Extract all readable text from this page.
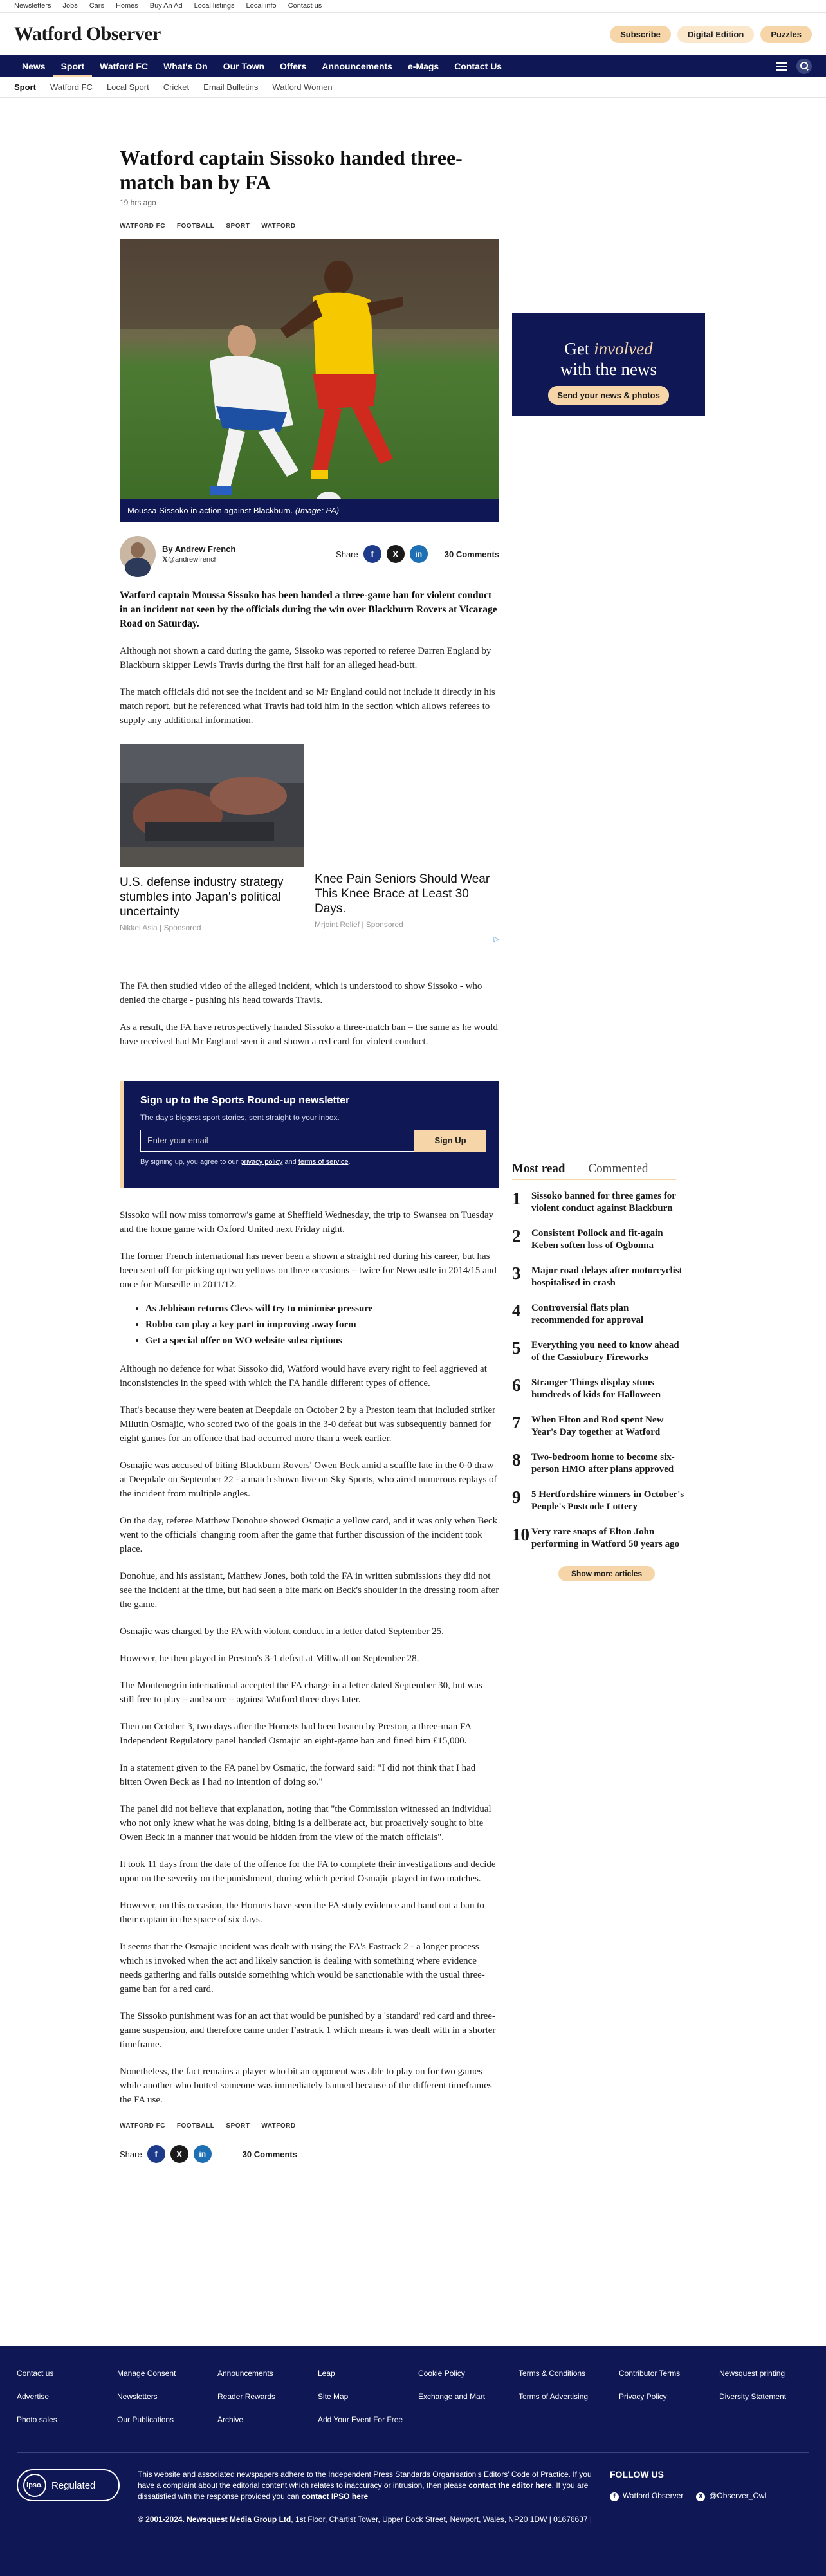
Newsletters Jobs Cars Homes Buy An Ad Local listings Local info Contact us
Watford Observer	Subscribe	Digital Edition	Puzzles
News	Sport	Watford FC	What's On	Our Town	Offers	Announcements	e-Mags	Contact Us
Sport Watford FC Local Sport Cricket Email Bulletins Watford Women
Watford captain Sissoko handed three-match ban by FA
19 hrs ago
WATFORD FC FOOTBALL SPORT WATFORD
Moussa Sissoko in action against Blackburn. (Image: PA)
By Andrew French
𝕏@andrewfrench
Share	f	X	in	30 Comments

Watford captain Moussa Sissoko has been handed a three-game ban for violent conduct in an incident not seen by the officials during the win over Blackburn Rovers at Vicarage Road on Saturday.

Although not shown a card during the game, Sissoko was reported to referee Darren England by Blackburn skipper Lewis Travis during the first half for an alleged head-butt.

The match officials did not see the incident and so Mr England could not include it directly in his match report, but he referenced what Travis had told him in the section which allows referees to supply any additional information.

U.S. defense industry strategy stumbles into Japan's political uncertainty
Nikkei Asia | Sponsored
Knee Pain Seniors Should Wear This Knee Brace at Least 30 Days.
Mrjoint Relief | Sponsored
▷

The FA then studied video of the alleged incident, which is understood to show Sissoko - who denied the charge - pushing his head towards Travis.

As a result, the FA have retrospectively handed Sissoko a three-match ban – the same as he would have received had Mr England seen it and shown a red card for violent conduct.

Sign up to the Sports Round-up newsletter
The day's biggest sport stories, sent straight to your inbox.
Enter your email	Sign Up
By signing up, you agree to our privacy policy and terms of service.

Sissoko will now miss tomorrow's game at Sheffield Wednesday, the trip to Swansea on Tuesday and the home game with Oxford United next Friday night.

The former French international has never been a shown a straight red during his career, but has been sent off for picking up two yellows on three occasions – twice for Newcastle in 2014/15 and once for Marseille in 2011/12.

• As Jebbison returns Clevs will try to minimise pressure
• Robbo can play a key part in improving away form
• Get a special offer on WO website subscriptions

Although no defence for what Sissoko did, Watford would have every right to feel aggrieved at inconsistencies in the speed with which the FA handle different types of offence.

That's because they were beaten at Deepdale on October 2 by a Preston team that included striker Milutin Osmajic, who scored two of the goals in the 3-0 defeat but was subsequently banned for eight games for an offence that had occurred more than a week earlier.

Osmajic was accused of biting Blackburn Rovers' Owen Beck amid a scuffle late in the 0-0 draw at Deepdale on September 22 - a match shown live on Sky Sports, who aired numerous replays of the incident from multiple angles.

On the day, referee Matthew Donohue showed Osmajic a yellow card, and it was only when Beck went to the officials' changing room after the game that further discussion of the incident took place.

Donohue, and his assistant, Matthew Jones, both told the FA in written submissions they did not see the incident at the time, but had seen a bite mark on Beck's shoulder in the dressing room after the game.

Osmajic was charged by the FA with violent conduct in a letter dated September 25.

However, he then played in Preston's 3-1 defeat at Millwall on September 28.

The Montenegrin international accepted the FA charge in a letter dated September 30, but was still free to play – and score – against Watford three days later.

Then on October 3, two days after the Hornets had been beaten by Preston, a three-man FA Independent Regulatory panel handed Osmajic an eight-game ban and fined him £15,000.

In a statement given to the FA panel by Osmajic, the forward said: "I did not think that I had bitten Owen Beck as I had no intention of doing so."

The panel did not believe that explanation, noting that "the Commission witnessed an individual who not only knew what he was doing, biting is a deliberate act, but proactively sought to bite Owen Beck in a manner that would be hidden from the view of the match officials".

It took 11 days from the date of the offence for the FA to complete their investigations and decide upon on the severity on the punishment, during which period Osmajic played in two matches.

However, on this occasion, the Hornets have seen the FA study evidence and hand out a ban to their captain in the space of six days.

It seems that the Osmajic incident was dealt with using the FA's Fastrack 2 - a longer process which is invoked when the act and likely sanction is dealing with something where evidence needs gathering and falls outside something which would be sanctionable with the usual three-game ban for a red card.

The Sissoko punishment was for an act that would be punished by a 'standard' red card and three-game suspension, and therefore came under Fastrack 1 which means it was dealt with in a shorter timeframe.

Nonetheless, the fact remains a player who bit an opponent was able to play on for two games while another who butted someone was immediately banned because of the different timeframes the FA use.

WATFORD FC FOOTBALL SPORT WATFORD
Share	f	X	in	30 Comments
Get involved
with the news
Send your news & photos
Most read Commented
1	Sissoko banned for three games for violent conduct against Blackburn
2	Consistent Pollock and fit-again Keben soften loss of Ogbonna
3	Major road delays after motorcyclist hospitalised in crash
4	Controversial flats plan recommended for approval
5	Everything you need to know ahead of the Cassiobury Fireworks
6	Stranger Things display stuns hundreds of kids for Halloween
7	When Elton and Rod spent New Year's Day together at Watford
8	Two-bedroom home to become six-person HMO after plans approved
9	5 Hertfordshire winners in October's People's Postcode Lottery
10 Very rare snaps of Elton John performing in Watford 50 years ago
Show more articles
Contact us	Manage Consent	Announcements	Leap	Cookie Policy	Terms & Conditions	Contributor Terms	Newsquest printing
Advertise	Newsletters	Reader Rewards	Site Map	Exchange and Mart	Terms of Advertising	Privacy Policy	Diversity Statement
Photo sales	Our Publications	Archive	Add Your Event For Free
ipso. Regulated
This website and associated newspapers adhere to the Independent Press Standards Organisation's Editors' Code of Practice. If you have a complaint about the editorial content which relates to inaccuracy or intrusion, then please contact the editor here. If you are dissatisfied with the response provided you can contact IPSO here
© 2001-2024. Newsquest Media Group Ltd, 1st Floor, Chartist Tower, Upper Dock Street, Newport, Wales, NP20 1DW | 01676637 |
FOLLOW US
f Watford Observer	X @Observer_Owl
